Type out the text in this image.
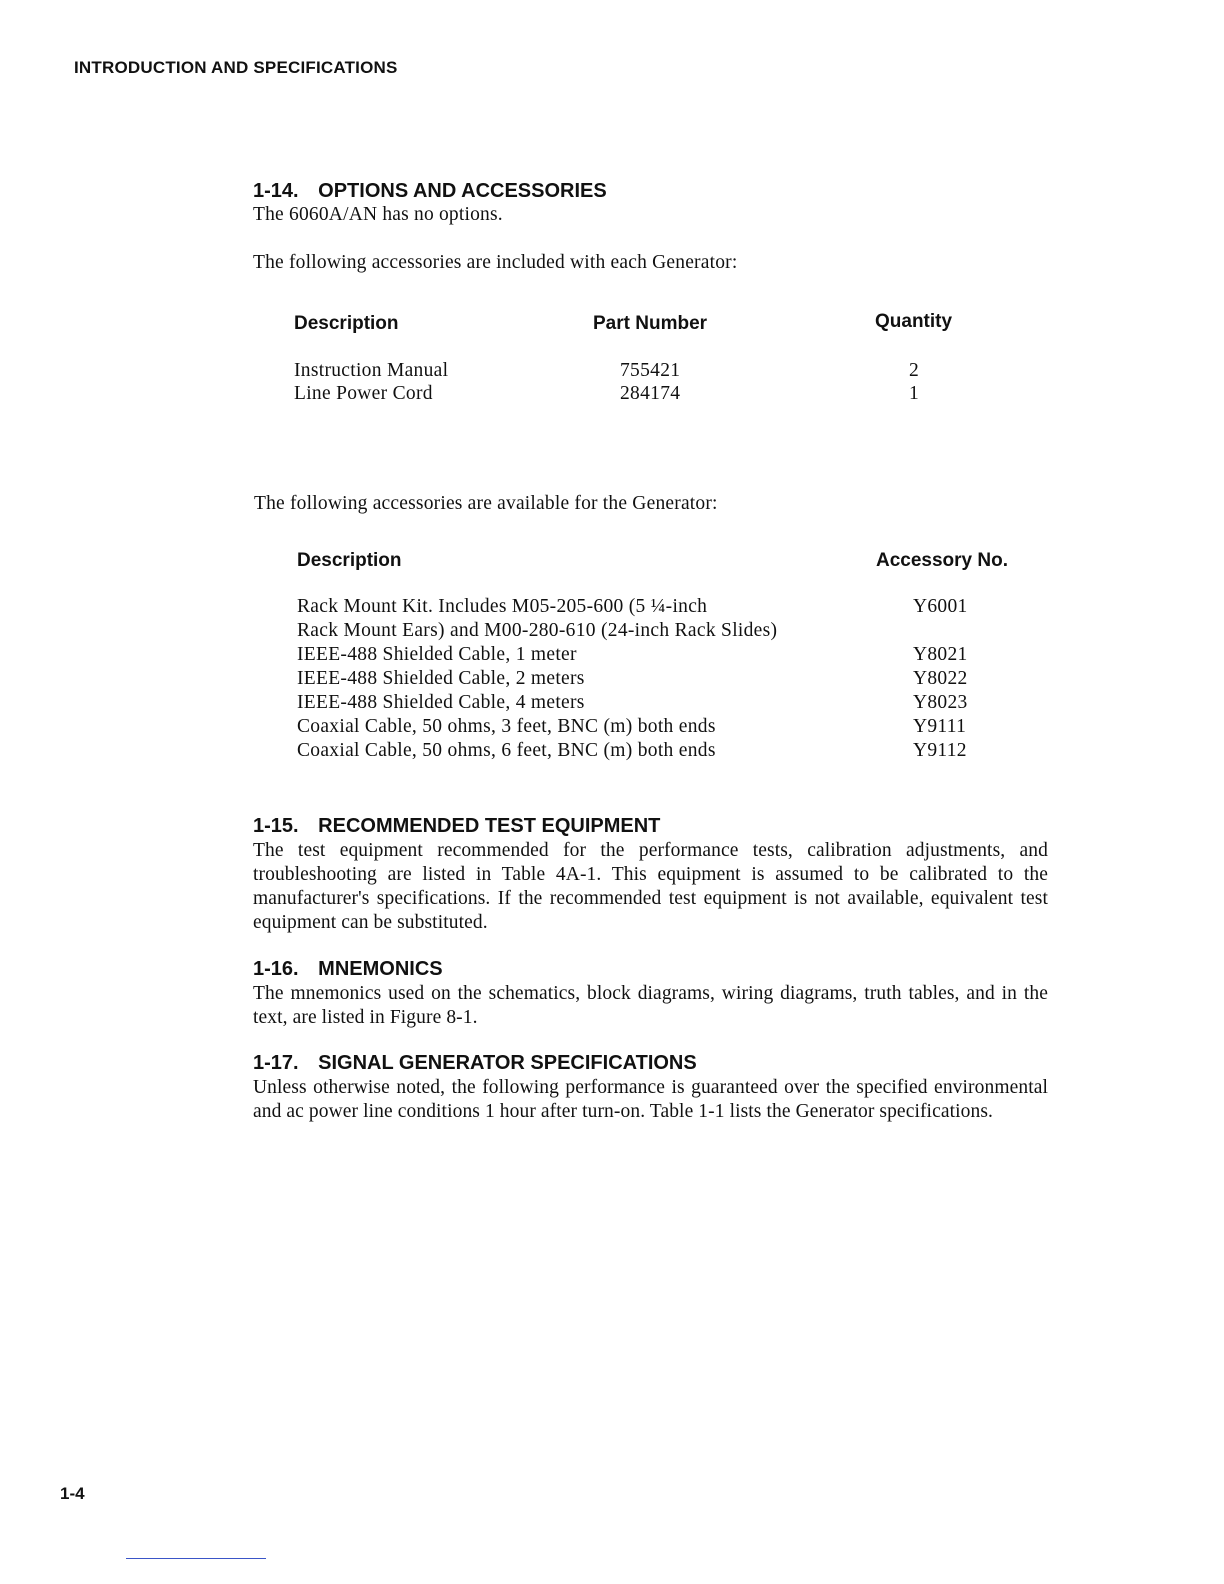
INTRODUCTION AND SPECIFICATIONS
1-14. OPTIONS AND ACCESSORIES
The 6060A/AN has no options.
The following accessories are included with each Generator:
Description	Part Number	Quantity
Instruction Manual	755421	2
Line Power Cord	284174	1
The following accessories are available for the Generator:
Description	Accessory No.
Rack Mount Kit. Includes M05-205-600 (5 ¼-inch	Y6001
Rack Mount Ears) and M00-280-610 (24-inch Rack Slides)
IEEE-488 Shielded Cable, 1 meter	Y8021
IEEE-488 Shielded Cable, 2 meters	Y8022
IEEE-488 Shielded Cable, 4 meters	Y8023
Coaxial Cable, 50 ohms, 3 feet, BNC (m) both ends	Y9111
Coaxial Cable, 50 ohms, 6 feet, BNC (m) both ends	Y9112
1-15. RECOMMENDED TEST EQUIPMENT
The test equipment recommended for the performance tests, calibration adjustments, and troubleshooting are listed in Table 4A-1. This equipment is assumed to be calibrated to the manufacturer's specifications. If the recommended test equipment is not available, equivalent test equipment can be substituted.
1-16. MNEMONICS
The mnemonics used on the schematics, block diagrams, wiring diagrams, truth tables, and in the text, are listed in Figure 8-1.
1-17. SIGNAL GENERATOR SPECIFICATIONS
Unless otherwise noted, the following performance is guaranteed over the specified environmental and ac power line conditions 1 hour after turn-on. Table 1-1 lists the Generator specifications.
1-4
